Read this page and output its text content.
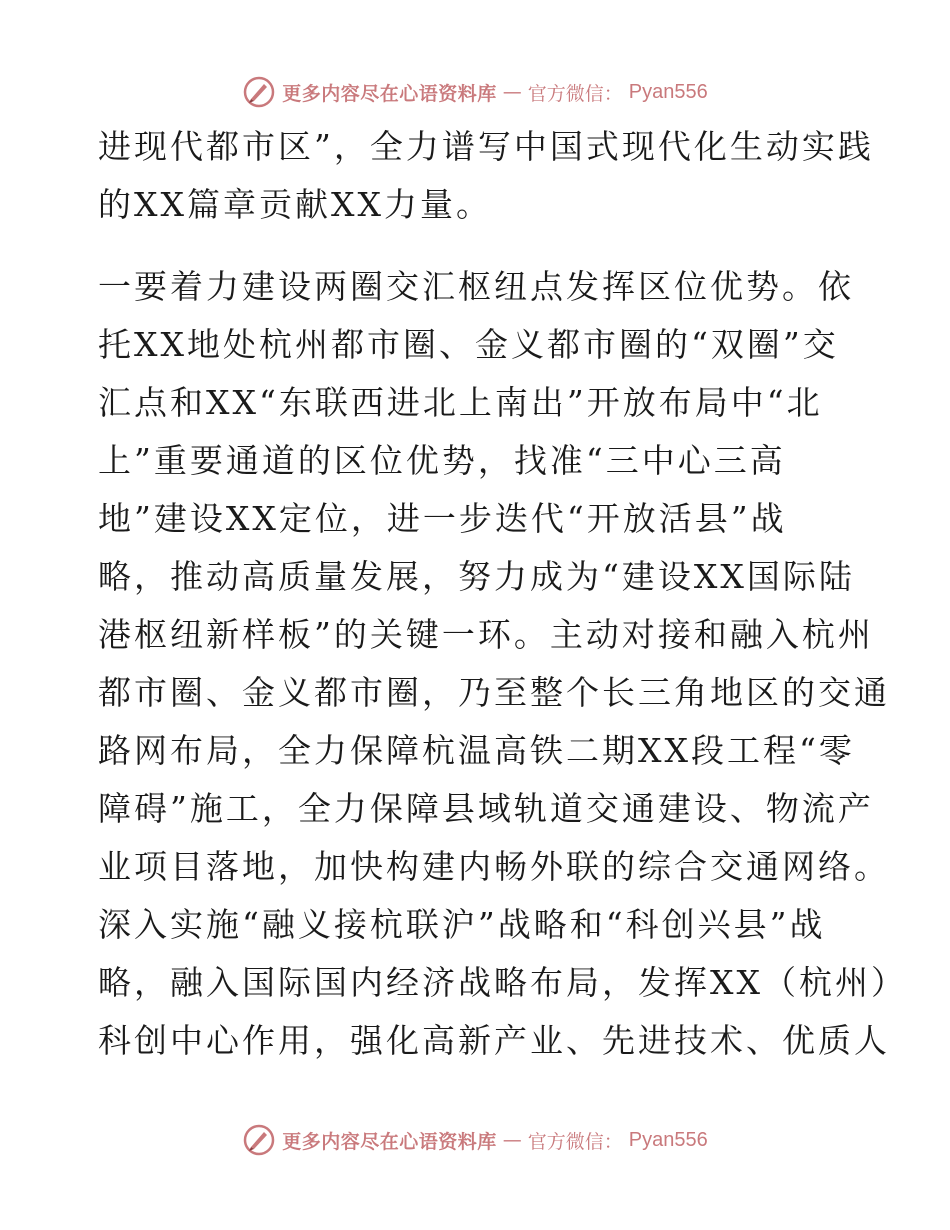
更多内容尽在心语资料库 — 官方微信： Pyan556
进现代都市区”，全力谱写中国式现代化生动实践
的XX篇章贡献XX力量。
一要着力建设两圈交汇枢纽点发挥区位优势。依
托XX地处杭州都市圈、金义都市圈的“双圈”交
汇点和XX“东联西进北上南出”开放布局中“北
上”重要通道的区位优势，找准“三中心三高
地”建设XX定位，进一步迭代“开放活县”战
略，推动高质量发展，努力成为“建设XX国际陆
港枢纽新样板”的关键一环。主动对接和融入杭州
都市圈、金义都市圈，乃至整个长三角地区的交通
路网布局，全力保障杭温高铁二期XX段工程“零
障碍”施工，全力保障县域轨道交通建设、物流产
业项目落地，加快构建内畅外联的综合交通网络。
深入实施“融义接杭联沪”战略和“科创兴县”战
略，融入国际国内经济战略布局，发挥XX（杭州）
科创中心作用，强化高新产业、先进技术、优质人
更多内容尽在心语资料库 — 官方微信： Pyan556
